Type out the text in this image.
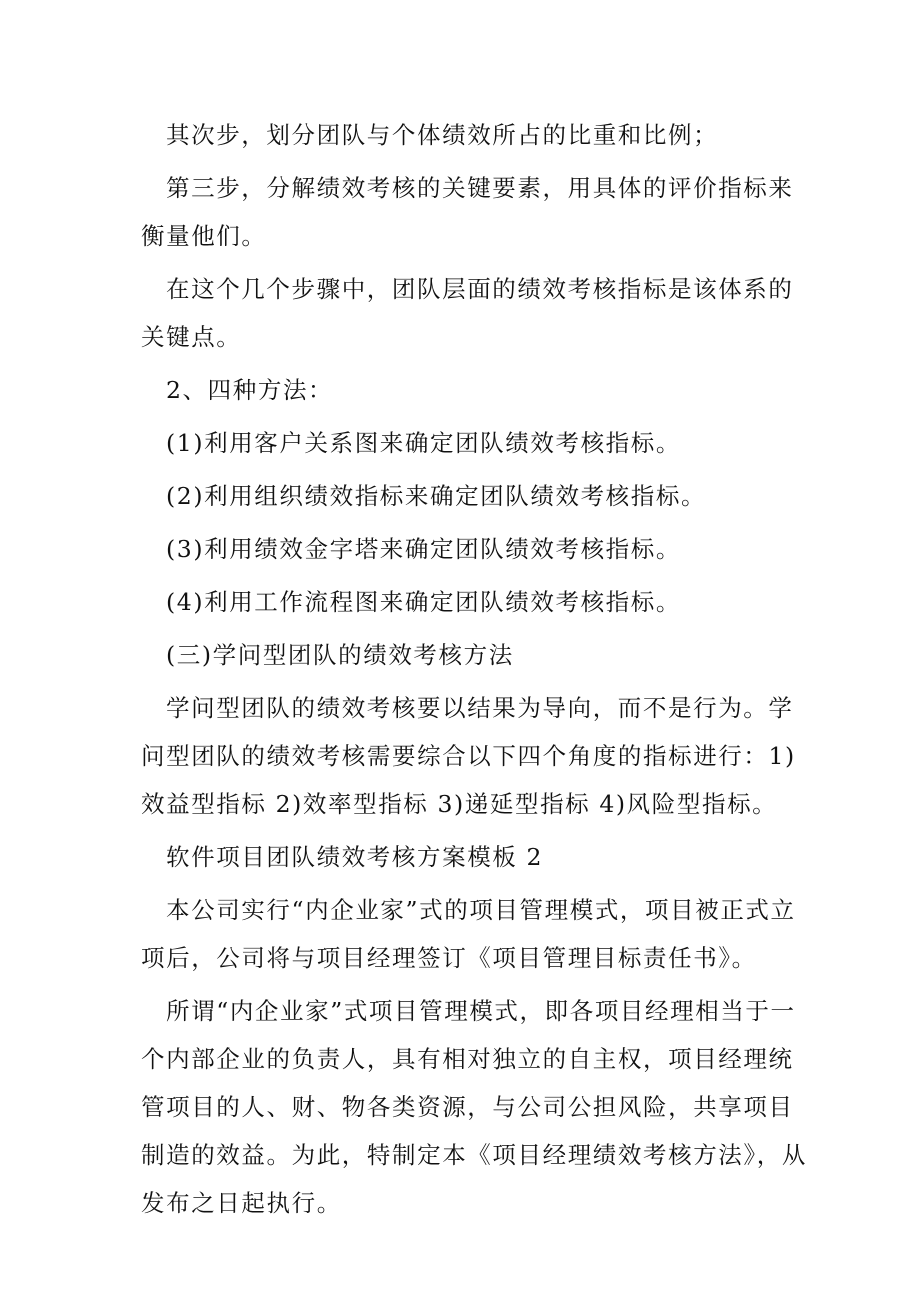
其次步，划分团队与个体绩效所占的比重和比例；

第三步，分解绩效考核的关键要素，用具体的评价指标来衡量他们。

在这个几个步骤中，团队层面的绩效考核指标是该体系的关键点。

2、四种方法：

(1)利用客户关系图来确定团队绩效考核指标。

(2)利用组织绩效指标来确定团队绩效考核指标。

(3)利用绩效金字塔来确定团队绩效考核指标。

(4)利用工作流程图来确定团队绩效考核指标。

(三)学问型团队的绩效考核方法

学问型团队的绩效考核要以结果为导向，而不是行为。学问型团队的绩效考核需要综合以下四个角度的指标进行：1)效益型指标 2)效率型指标 3)递延型指标 4)风险型指标。

软件项目团队绩效考核方案模板 2

本公司实行“内企业家”式的项目管理模式，项目被正式立项后，公司将与项目经理签订《项目管理目标责任书》。

所谓“内企业家”式项目管理模式，即各项目经理相当于一个内部企业的负责人，具有相对独立的自主权，项目经理统管项目的人、财、物各类资源，与公司公担风险，共享项目制造的效益。为此，特制定本《项目经理绩效考核方法》，从发布之日起执行。
